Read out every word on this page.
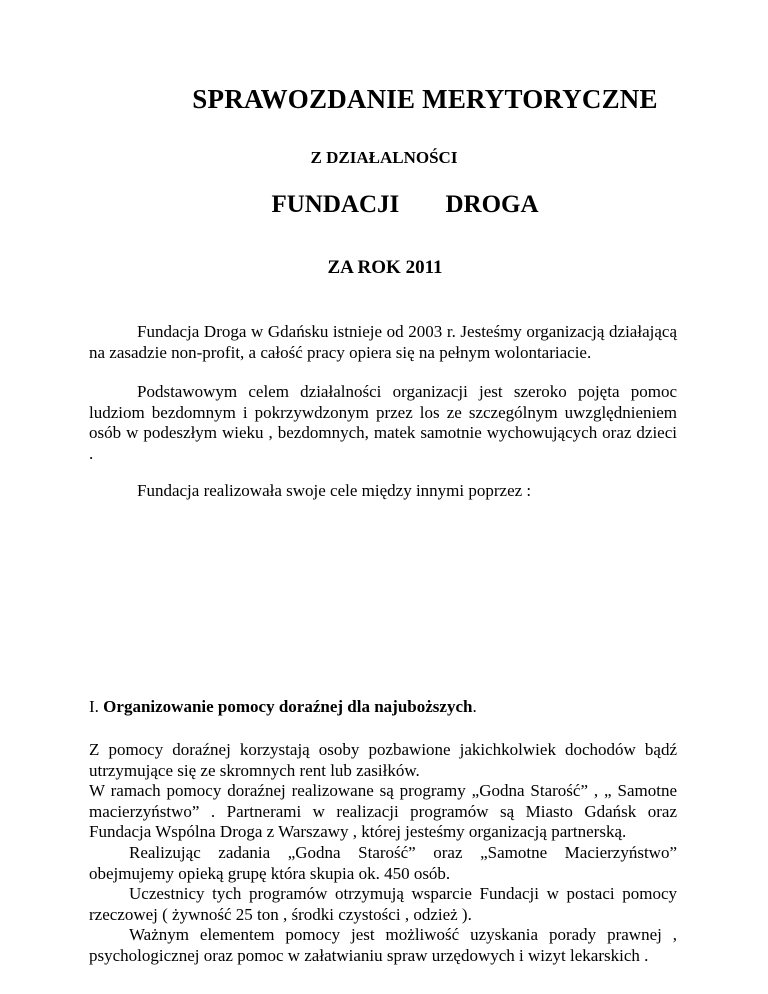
SPRAWOZDANIE MERYTORYCZNE
Z DZIAŁALNOŚCI
FUNDACJI DROGA
ZA ROK 2011

Fundacja Droga w Gdańsku istnieje od 2003 r. Jesteśmy organizacją działającą na zasadzie non-profit, a całość pracy opiera się na pełnym wolontariacie.

Podstawowym celem działalności organizacji jest szeroko pojęta pomoc ludziom bezdomnym i pokrzywdzonym przez los ze szczególnym uwzględnieniem osób w podeszłym wieku , bezdomnych, matek samotnie wychowujących oraz dzieci .

Fundacja realizowała swoje cele między innymi poprzez :

I. Organizowanie pomocy doraźnej dla najuboższych.

Z pomocy doraźnej korzystają osoby pozbawione jakichkolwiek dochodów bądź utrzymujące się ze skromnych rent lub zasiłków.

W ramach pomocy doraźnej realizowane są programy „Godna Starość” , „ Samotne macierzyństwo” . Partnerami w realizacji programów są Miasto Gdańsk oraz Fundacja Wspólna Droga z Warszawy , której jesteśmy organizacją partnerską.

Realizując zadania „Godna Starość” oraz „Samotne Macierzyństwo” obejmujemy opieką grupę która skupia ok. 450 osób.

Uczestnicy tych programów otrzymują wsparcie Fundacji w postaci pomocy rzeczowej ( żywność 25 ton , środki czystości , odzież ).

Ważnym elementem pomocy jest możliwość uzyskania porady prawnej , psychologicznej oraz pomoc w załatwianiu spraw urzędowych i wizyt lekarskich .
